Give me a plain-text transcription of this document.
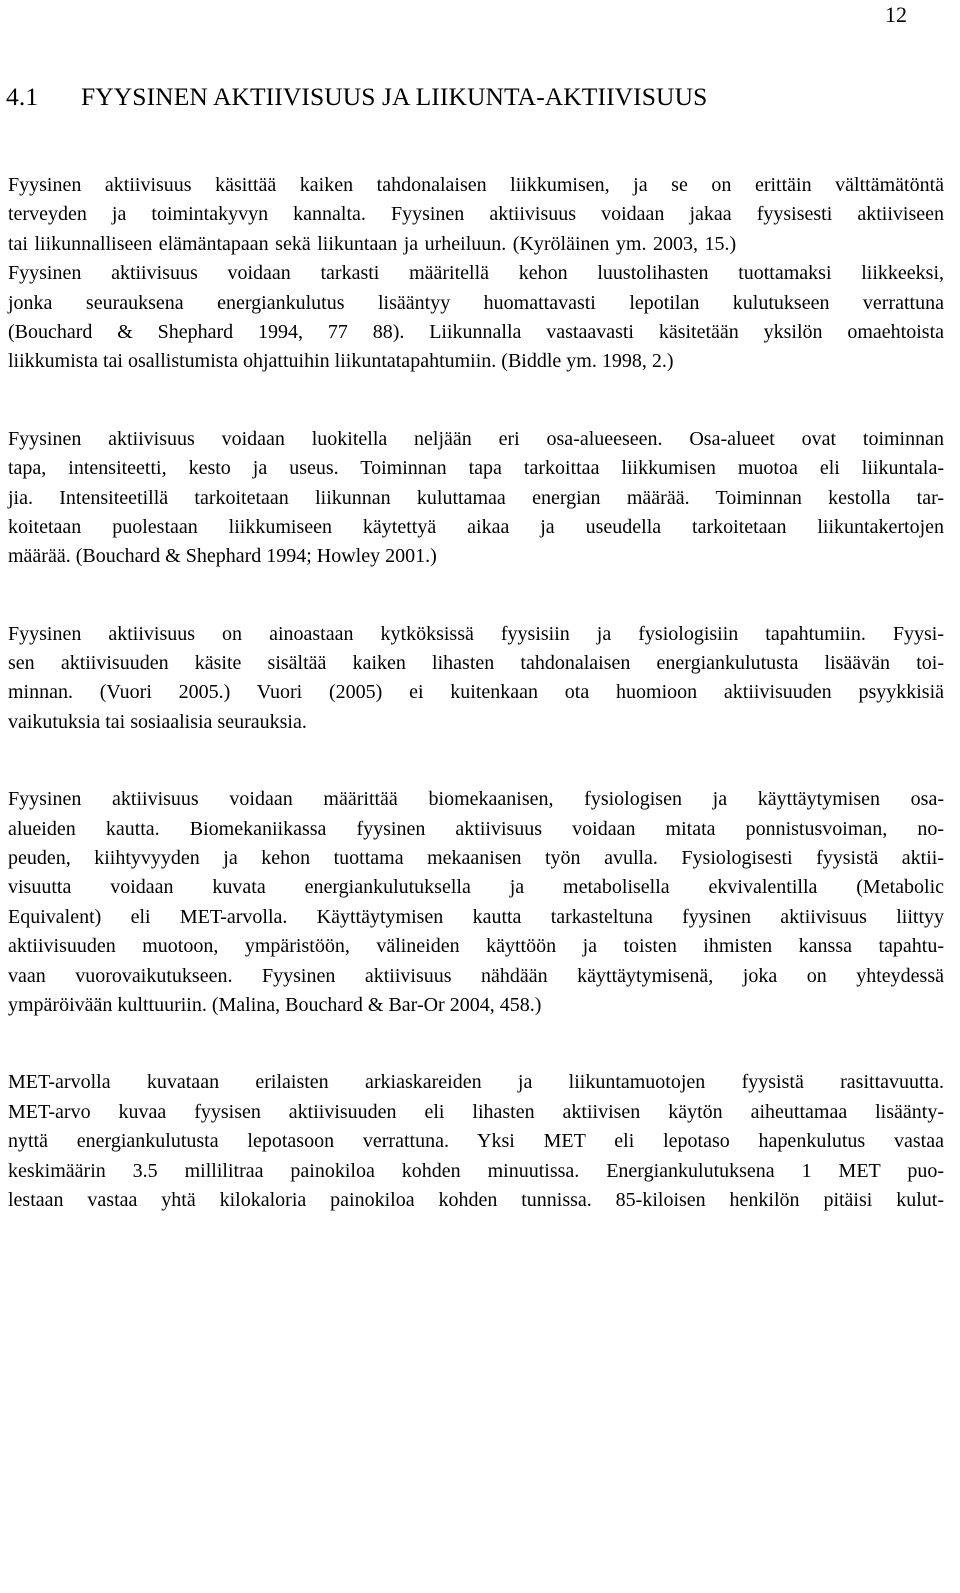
12
4.1 FYYSINEN AKTIIVISUUS JA LIIKUNTA-AKTIIVISUUS
Fyysinen aktiivisuus käsittää kaiken tahdonalaisen liikkumisen, ja se on erittäin välttämätöntä
terveyden ja toimintakyvyn kannalta. Fyysinen aktiivisuus voidaan jakaa fyysisesti aktiiviseen
tai liikunnalliseen elämäntapaan sekä liikuntaan ja urheiluun. (Kyröläinen ym. 2003, 15.)
Fyysinen aktiivisuus voidaan tarkasti määritellä kehon luustolihasten tuottamaksi liikkeeksi,
jonka seurauksena energiankulutus lisääntyy huomattavasti lepotilan kulutukseen verrattuna
(Bouchard & Shephard 1994, 77 88). Liikunnalla vastaavasti käsitetään yksilön omaehtoista
liikkumista tai osallistumista ohjattuihin liikuntatapahtumiin. (Biddle ym. 1998, 2.)
Fyysinen aktiivisuus voidaan luokitella neljään eri osa-alueeseen. Osa-alueet ovat toiminnan
tapa, intensiteetti, kesto ja useus. Toiminnan tapa tarkoittaa liikkumisen muotoa eli liikuntala-
jia. Intensiteetillä tarkoitetaan liikunnan kuluttamaa energian määrää. Toiminnan kestolla tar-
koitetaan puolestaan liikkumiseen käytettyä aikaa ja useudella tarkoitetaan liikuntakertojen
määrää. (Bouchard & Shephard 1994; Howley 2001.)
Fyysinen aktiivisuus on ainoastaan kytköksissä fyysisiin ja fysiologisiin tapahtumiin. Fyysi-
sen aktiivisuuden käsite sisältää kaiken lihasten tahdonalaisen energiankulutusta lisäävän toi-
minnan. (Vuori 2005.) Vuori (2005) ei kuitenkaan ota huomioon aktiivisuuden psyykkisiä
vaikutuksia tai sosiaalisia seurauksia.
Fyysinen aktiivisuus voidaan määrittää biomekaanisen, fysiologisen ja käyttäytymisen osa-
alueiden kautta. Biomekaniikassa fyysinen aktiivisuus voidaan mitata ponnistusvoiman, no-
peuden, kiihtyvyyden ja kehon tuottama mekaanisen työn avulla. Fysiologisesti fyysistä aktii-
visuutta voidaan kuvata energiankulutuksella ja metabolisella ekvivalentilla (Metabolic
Equivalent) eli MET-arvolla. Käyttäytymisen kautta tarkasteltuna fyysinen aktiivisuus liittyy
aktiivisuuden muotoon, ympäristöön, välineiden käyttöön ja toisten ihmisten kanssa tapahtu-
vaan vuorovaikutukseen. Fyysinen aktiivisuus nähdään käyttäytymisenä, joka on yhteydessä
ympäröivään kulttuuriin. (Malina, Bouchard & Bar-Or 2004, 458.)
MET-arvolla kuvataan erilaisten arkiaskareiden ja liikuntamuotojen fyysistä rasittavuutta.
MET-arvo kuvaa fyysisen aktiivisuuden eli lihasten aktiivisen käytön aiheuttamaa lisäänty-
nyttä energiankulutusta lepotasoon verrattuna. Yksi MET eli lepotaso hapenkulutus vastaa
keskimäärin 3.5 millilitraa painokiloa kohden minuutissa. Energiankulutuksena 1 MET puo-
lestaan vastaa yhtä kilokaloria painokiloa kohden tunnissa. 85-kiloisen henkilön pitäisi kulut-
